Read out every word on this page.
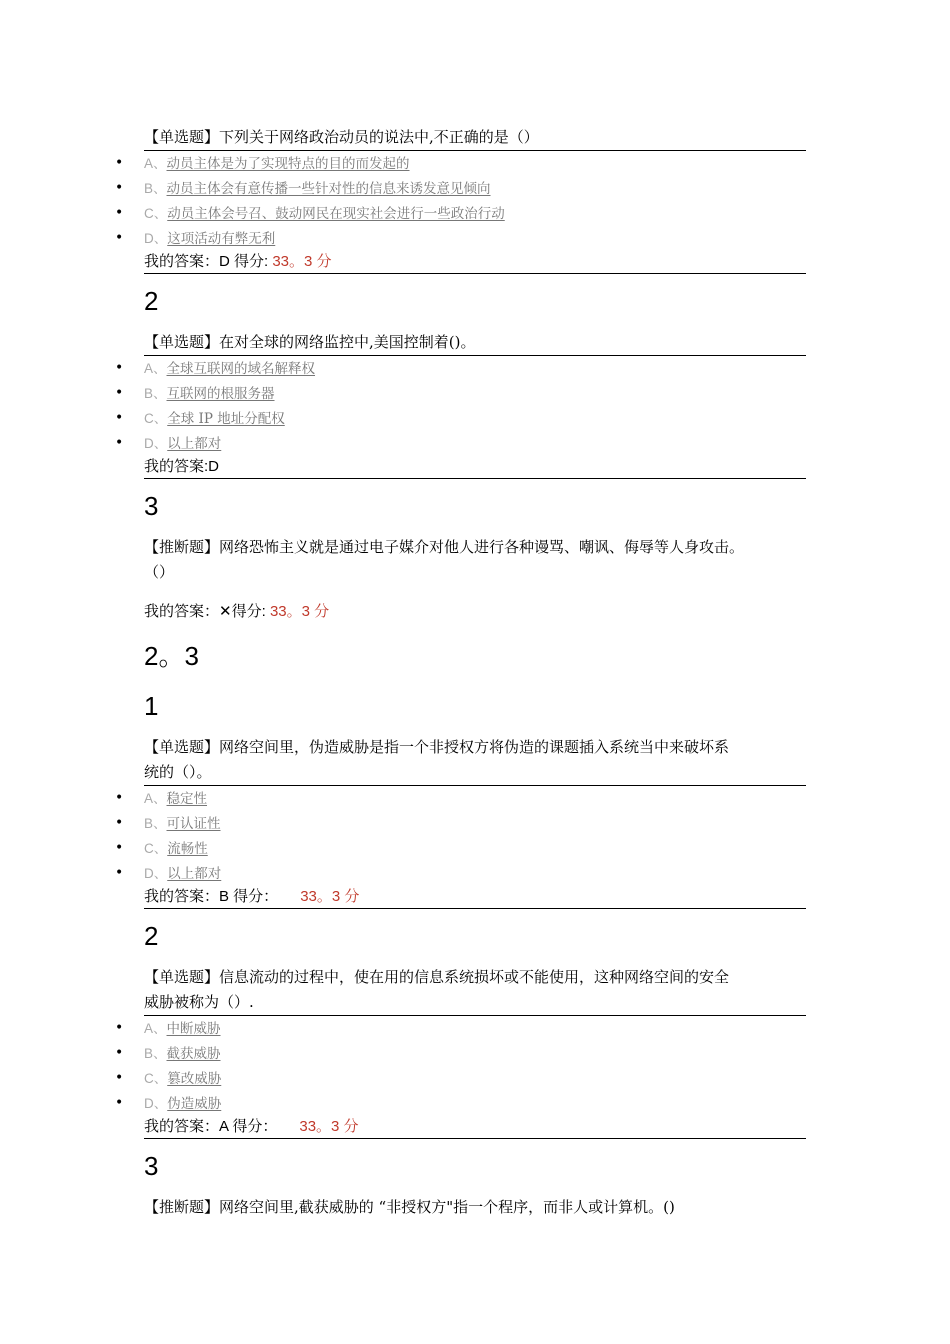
【单选题】下列关于网络政治动员的说法中,不正确的是（）
• A、动员主体是为了实现特点的目的而发起的
• B、动员主体会有意传播一些针对性的信息来诱发意见倾向
• C、动员主体会号召、鼓动网民在现实社会进行一些政治行动
• D、这项活动有弊无利
我的答案：D 得分: 33。3 分
2
【单选题】在对全球的网络监控中,美国控制着()。
• A、全球互联网的域名解释权
• B、互联网的根服务器
• C、全球 IP 地址分配权
• D、以上都对
我的答案:D
3
【推断题】网络恐怖主义就是通过电子媒介对他人进行各种谩骂、嘲讽、侮辱等人身攻击。
（）
我的答案：✕得分: 33。3 分
2。3
1
【单选题】网络空间里，伪造威胁是指一个非授权方将伪造的课题插入系统当中来破坏系
统的（）。
• A、稳定性
• B、可认证性
• C、流畅性
• D、以上都对
我的答案：B 得分： 33。3 分
2
【单选题】信息流动的过程中，使在用的信息系统损坏或不能使用，这种网络空间的安全
威胁被称为（）.
• A、中断威胁
• B、截获威胁
• C、篡改威胁
• D、伪造威胁
我的答案：A 得分： 33。3 分
3
【推断题】网络空间里,截获威胁的 “非授权方"指一个程序，而非人或计算机。()
